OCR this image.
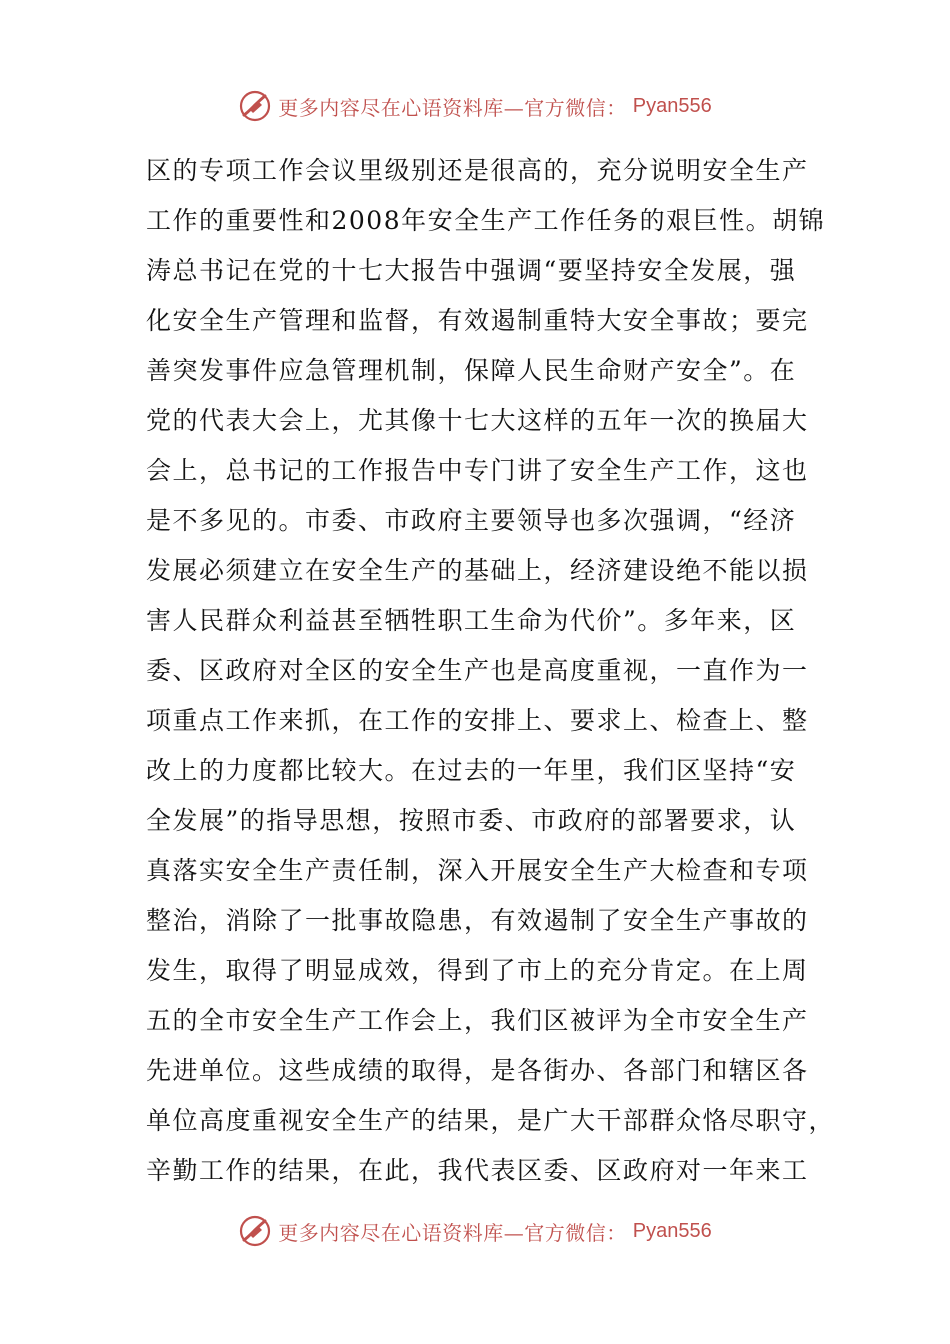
更多内容尽在心语资料库—官方微信： Pyan556
区的专项工作会议里级别还是很高的，充分说明安全生产
工作的重要性和2008年安全生产工作任务的艰巨性。胡锦
涛总书记在党的十七大报告中强调“要坚持安全发展，强
化安全生产管理和监督，有效遏制重特大安全事故；要完
善突发事件应急管理机制，保障人民生命财产安全”。在
党的代表大会上，尤其像十七大这样的五年一次的换届大
会上，总书记的工作报告中专门讲了安全生产工作，这也
是不多见的。市委、市政府主要领导也多次强调，“经济
发展必须建立在安全生产的基础上，经济建设绝不能以损
害人民群众利益甚至牺牲职工生命为代价”。多年来，区
委、区政府对全区的安全生产也是高度重视，一直作为一
项重点工作来抓，在工作的安排上、要求上、检查上、整
改上的力度都比较大。在过去的一年里，我们区坚持“安
全发展”的指导思想，按照市委、市政府的部署要求，认
真落实安全生产责任制，深入开展安全生产大检查和专项
整治，消除了一批事故隐患，有效遏制了安全生产事故的
发生，取得了明显成效，得到了市上的充分肯定。在上周
五的全市安全生产工作会上，我们区被评为全市安全生产
先进单位。这些成绩的取得，是各街办、各部门和辖区各
单位高度重视安全生产的结果，是广大干部群众恪尽职守，
辛勤工作的结果，在此，我代表区委、区政府对一年来工
更多内容尽在心语资料库—官方微信： Pyan556
